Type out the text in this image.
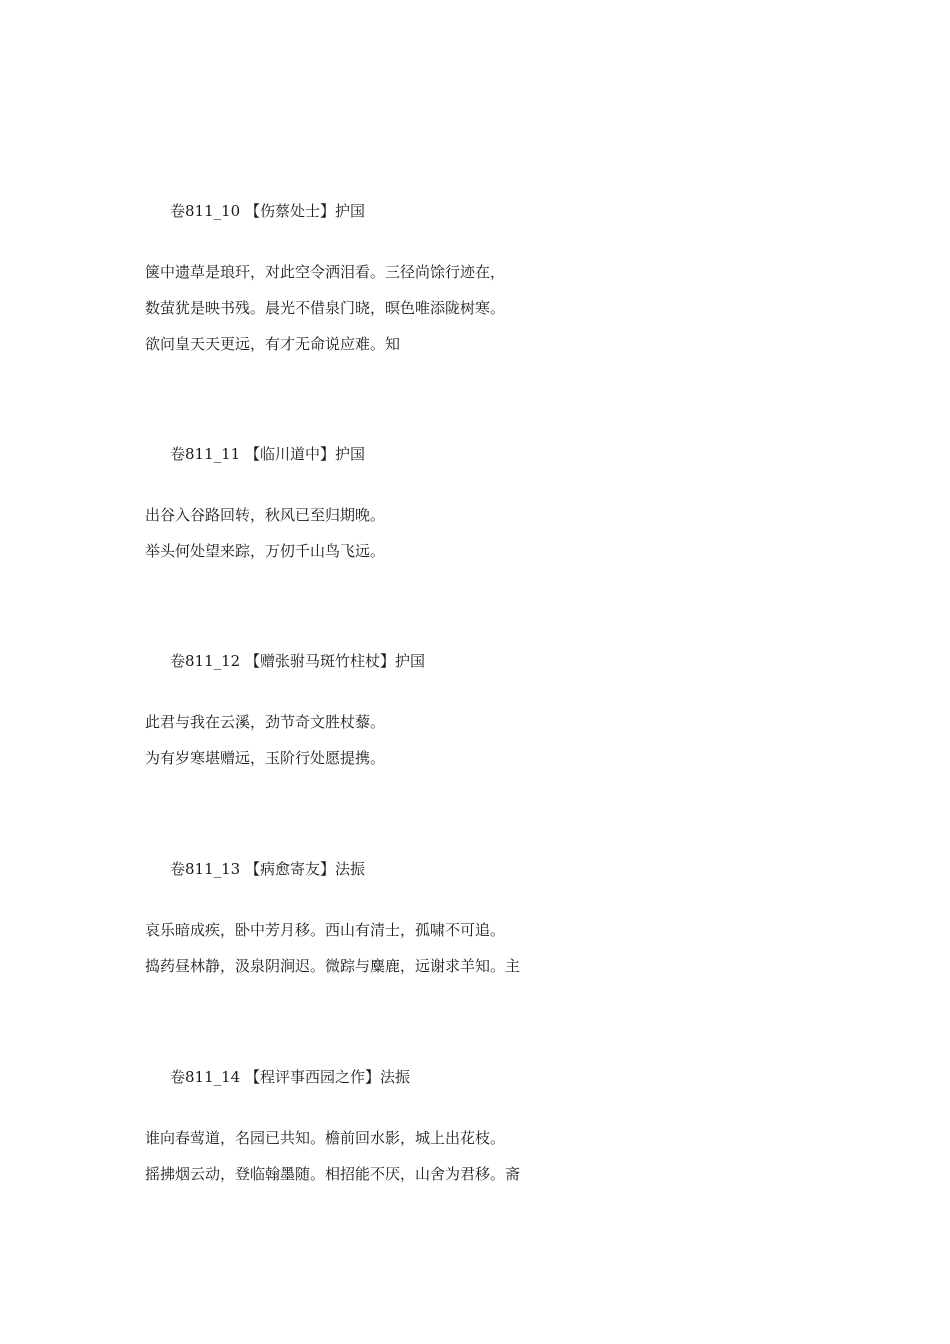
卷811_10 【伤蔡处士】护国
箧中遗草是琅玕，对此空令洒泪看。三径尚馀行迹在，
数萤犹是映书残。晨光不借泉门晓，暝色唯添陇树寒。
欲问皇天天更远，有才无命说应难。知
卷811_11 【临川道中】护国
出谷入谷路回转，秋风已至归期晚。
举头何处望来踪，万仞千山鸟飞远。
卷811_12 【赠张驸马斑竹柱杖】护国
此君与我在云溪，劲节奇文胜杖藜。
为有岁寒堪赠远，玉阶行处愿提携。
卷811_13 【病愈寄友】法振
哀乐暗成疾，卧中芳月移。西山有清士，孤啸不可追。
捣药昼林静，汲泉阴涧迟。微踪与麋鹿，远谢求羊知。主
卷811_14 【程评事西园之作】法振
谁向春莺道，名园已共知。檐前回水影，城上出花枝。
摇拂烟云动，登临翰墨随。相招能不厌，山舍为君移。斋
